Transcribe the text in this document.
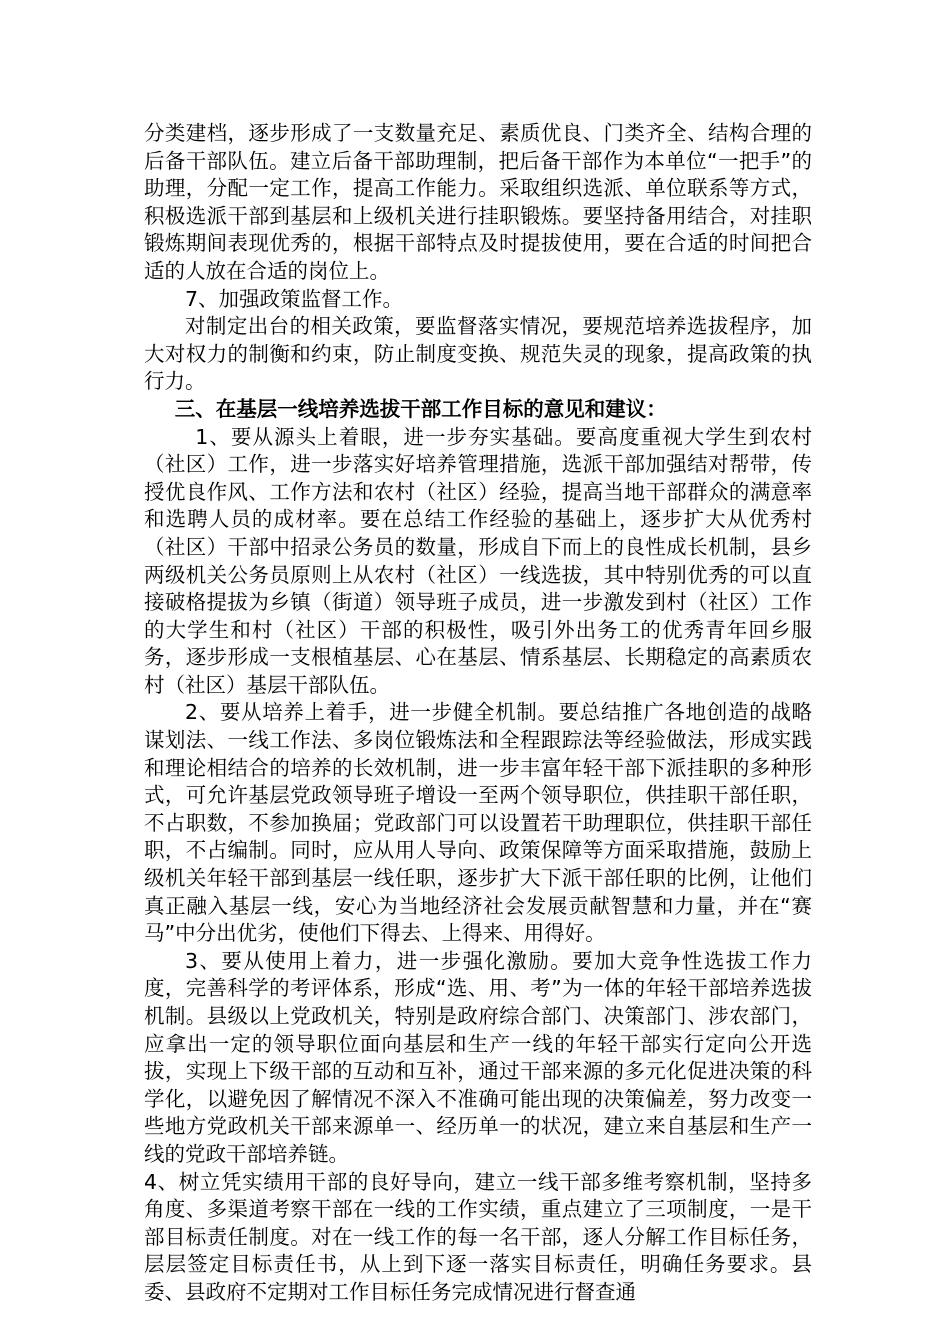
分类建档，逐步形成了一支数量充足、素质优良、门类齐全、结构合理的后备干部队伍。建立后备干部助理制，把后备干部作为本单位“一把手”的助理，分配一定工作，提高工作能力。采取组织选派、单位联系等方式，积极选派干部到基层和上级机关进行挂职锻炼。要坚持备用结合，对挂职锻炼期间表现优秀的，根据干部特点及时提拔使用，要在合适的时间把合适的人放在合适的岗位上。

7、加强政策监督工作。

对制定出台的相关政策，要监督落实情况，要规范培养选拔程序，加大对权力的制衡和约束，防止制度变换、规范失灵的现象，提高政策的执行力。

三、在基层一线培养选拔干部工作目标的意见和建议：

1、要从源头上着眼，进一步夯实基础。要高度重视大学生到农村（社区）工作，进一步落实好培养管理措施，选派干部加强结对帮带，传授优良作风、工作方法和农村（社区）经验，提高当地干部群众的满意率和选聘人员的成材率。要在总结工作经验的基础上，逐步扩大从优秀村（社区）干部中招录公务员的数量，形成自下而上的良性成长机制，县乡两级机关公务员原则上从农村（社区）一线选拔，其中特别优秀的可以直接破格提拔为乡镇（街道）领导班子成员，进一步激发到村（社区）工作的大学生和村（社区）干部的积极性，吸引外出务工的优秀青年回乡服务，逐步形成一支根植基层、心在基层、情系基层、长期稳定的高素质农村（社区）基层干部队伍。

2、要从培养上着手，进一步健全机制。要总结推广各地创造的战略谋划法、一线工作法、多岗位锻炼法和全程跟踪法等经验做法，形成实践和理论相结合的培养的长效机制，进一步丰富年轻干部下派挂职的多种形式，可允许基层党政领导班子增设一至两个领导职位，供挂职干部任职，不占职数，不参加换届；党政部门可以设置若干助理职位，供挂职干部任职，不占编制。同时，应从用人导向、政策保障等方面采取措施，鼓励上级机关年轻干部到基层一线任职，逐步扩大下派干部任职的比例，让他们真正融入基层一线，安心为当地经济社会发展贡献智慧和力量，并在“赛马”中分出优劣，使他们下得去、上得来、用得好。

3、要从使用上着力，进一步强化激励。要加大竞争性选拔工作力度，完善科学的考评体系，形成“选、用、考”为一体的年轻干部培养选拔机制。县级以上党政机关，特别是政府综合部门、决策部门、涉农部门，应拿出一定的领导职位面向基层和生产一线的年轻干部实行定向公开选拔，实现上下级干部的互动和互补，通过干部来源的多元化促进决策的科学化，以避免因了解情况不深入不准确可能出现的决策偏差，努力改变一些地方党政机关干部来源单一、经历单一的状况，建立来自基层和生产一线的党政干部培养链。

4、树立凭实绩用干部的良好导向，建立一线干部多维考察机制，坚持多角度、多渠道考察干部在一线的工作实绩，重点建立了三项制度，一是干部目标责任制度。对在一线工作的每一名干部，逐人分解工作目标任务，层层签定目标责任书，从上到下逐一落实目标责任，明确任务要求。县委、县政府不定期对工作目标任务完成情况进行督查通
